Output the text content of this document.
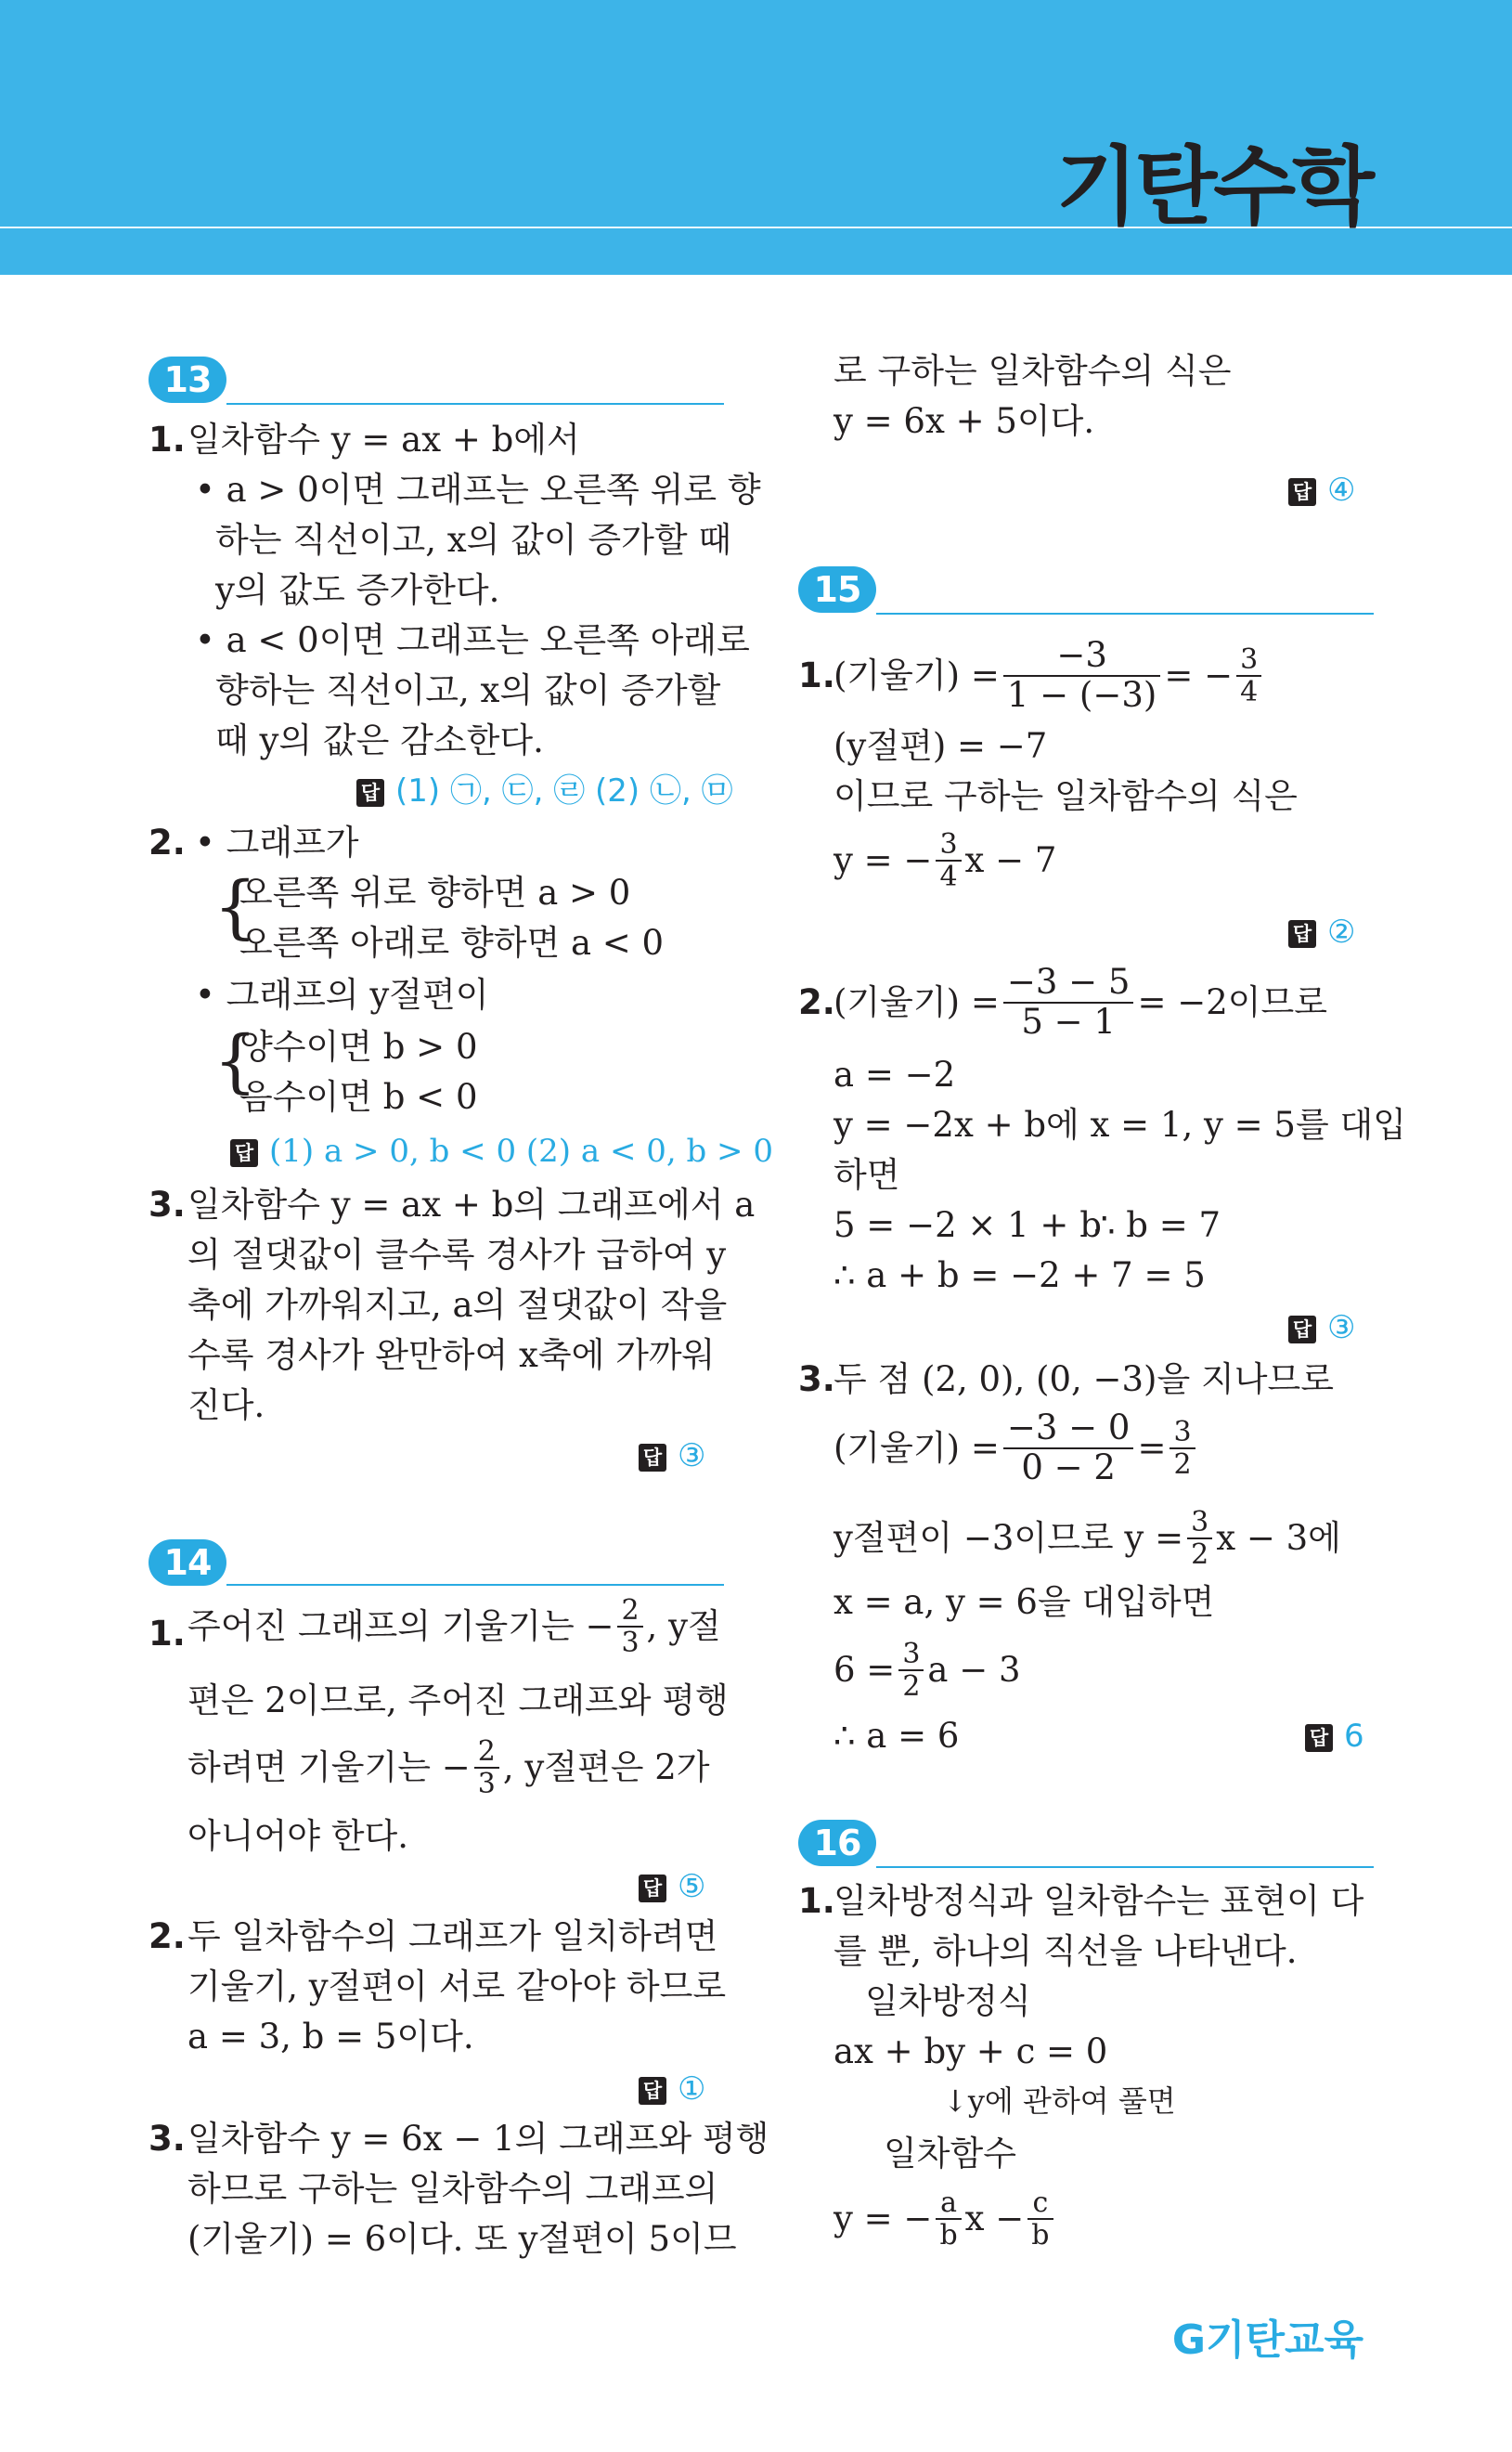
기탄수학
13
1. 일차함수 y = ax + b에서
• a > 0이면 그래프는 오른쪽 위로 향
하는 직선이고, x의 값이 증가할 때
y의 값도 증가한다.
• a < 0이면 그래프는 오른쪽 아래로
향하는 직선이고, x의 값이 증가할
때 y의 값은 감소한다.
답 (1) ㉠, ㉢, ㉣ (2) ㉡, ㉤
2. • 그래프가
{
오른쪽 위로 향하면 a > 0
오른쪽 아래로 향하면 a < 0
• 그래프의 y절편이
{
양수이면 b > 0
음수이면 b < 0
답 (1) a > 0, b < 0 (2) a < 0, b > 0
3. 일차함수 y = ax + b의 그래프에서 a
의 절댓값이 클수록 경사가 급하여 y
축에 가까워지고, a의 절댓값이 작을
수록 경사가 완만하여 x축에 가까워
진다.
답 ③
14
1. 주어진 그래프의 기울기는 − $\frac{2}{3}$ , y절
편은 2이므로, 주어진 그래프와 평행
하려면 기울기는 − $\frac{2}{3}$ , y절편은 2가
아니어야 한다.
답 ⑤
2. 두 일차함수의 그래프가 일치하려면
기울기, y절편이 서로 같아야 하므로
a = 3, b = 5이다.
답 ①
3. 일차함수 y = 6x − 1의 그래프와 평행
하므로 구하는 일차함수의 그래프의
(기울기) = 6이다. 또 y절편이 5이므
로 구하는 일차함수의 식은
y = 6x + 5이다.
답 ④
15
1.
(기울기) = $\frac{-3}{1 - (-3)}$ = − $\frac{3}{4}$
(y절편) = −7
이므로 구하는 일차함수의 식은
y = − $\frac{3}{4}$ x − 7
답 ②
2.
(기울기) = $\frac{-3 - 5}{5 - 1} = -2$이므로
a = −2
y = −2x + b에 x = 1, y = 5를 대입
하면
5 = −2 × 1 + b
∴ b = 7
∴ a + b = −2 + 7 = 5
답 ③
3.
두 점 (2, 0), (0, −3)을 지나므로
(기울기) = $\frac{-3 - 0}{0 - 2} = \frac{3}{2}$
y절편이 −3이므로 $y = \frac{3}{2}$ x − 3에
x = a, y = 6을 대입하면
$6 = \frac{3}{2}$ a − 3
∴ a = 6	답 6
16
1.
일차방정식과 일차함수는 표현이 다
를 뿐, 하나의 직선을 나타낸다.
일차방정식
ax + by + c = 0
↓y에 관하여 풀면
일차함수
y = − $\frac{a}{b}$ $x - \frac{c}{b}$
G기탄교육
